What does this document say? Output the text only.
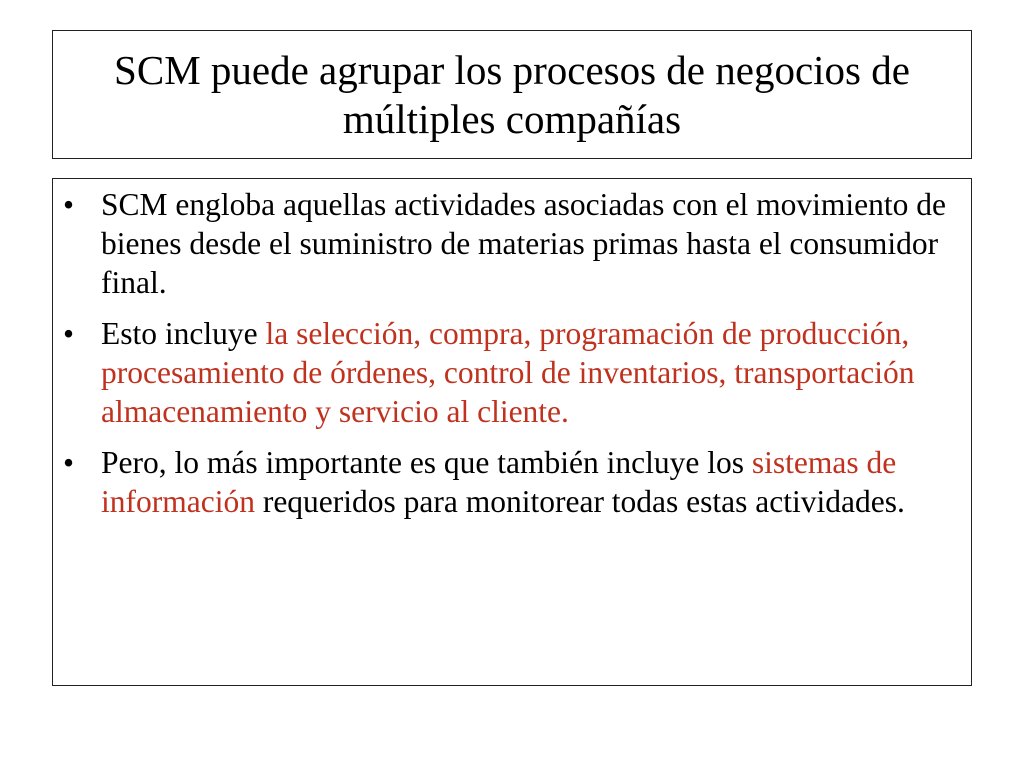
SCM puede agrupar los procesos de negocios de múltiples compañías
• SCM engloba aquellas actividades asociadas con el movimiento de bienes desde el suministro de materias primas hasta el consumidor final.
• Esto incluye la selección, compra, programación de producción, procesamiento de órdenes, control de inventarios, transportación almacenamiento y servicio al cliente.
• Pero, lo más importante es que también incluye los sistemas de información requeridos para monitorear todas estas actividades.
